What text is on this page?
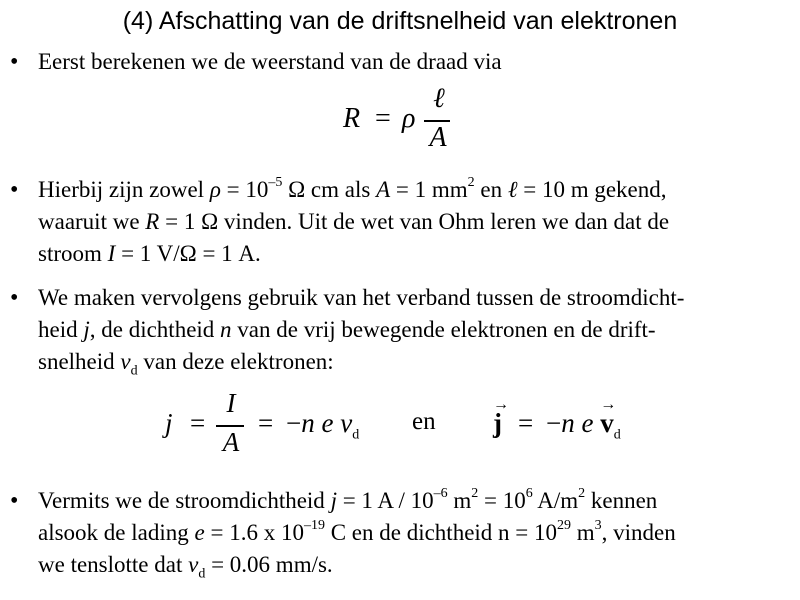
(4) Afschatting van de driftsnelheid van elektronen
• Eerst berekenen we de weerstand van de draad via
R = ρ
ℓ
A
• Hierbij zijn zowel $\rho = 10^{-5}$ Ω cm als A = 1 $mm^2$ en ℓ = 10 m gekend,
waaruit we R = 1 Ω vinden. Uit de wet van Ohm leren we dan dat de
stroom I = 1 V/Ω = 1 A.
• We maken vervolgens gebruik van het verband tussen de stroomdicht-
heid j, de dichtheid n van de vrij bewegende elektronen en de drift-
snelheid $v_d$ van deze elektronen:
j =
I
A
= −n e $v_d$ en
→
j = −n e
→
$v_d$
• Vermits we de stroomdichtheid j = 1 A / $10^{-6}$ $m^2 = 10^6$ $A/m^2$ kennen
alsook de lading e = 1.6 x $10^{-19}$ C en de dichtheid $n = 10^{29}$ $m^3$, vinden
we tenslotte dat $v_d = 0.06$ mm/s.
